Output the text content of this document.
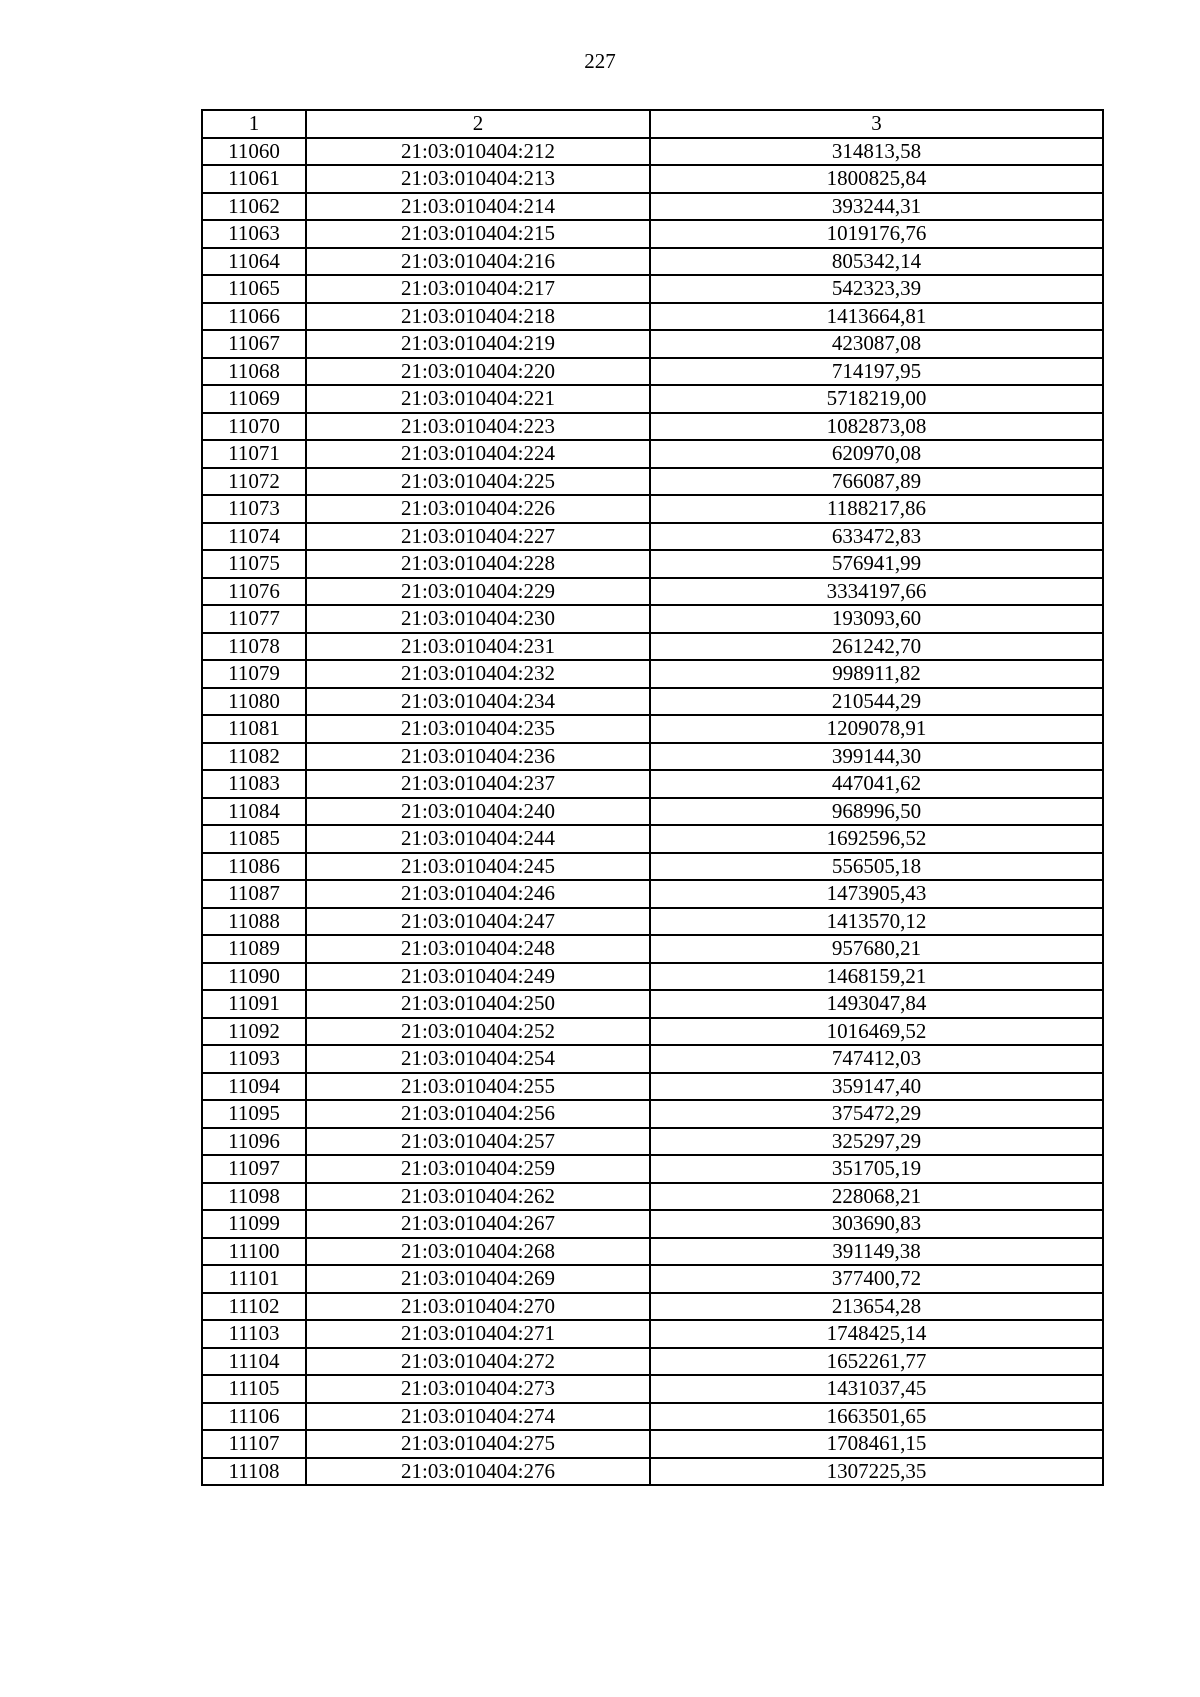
227
1	2	3
11060	21:03:010404:212	314813,58
11061	21:03:010404:213	1800825,84
11062	21:03:010404:214	393244,31
11063	21:03:010404:215	1019176,76
11064	21:03:010404:216	805342,14
11065	21:03:010404:217	542323,39
11066	21:03:010404:218	1413664,81
11067	21:03:010404:219	423087,08
11068	21:03:010404:220	714197,95
11069	21:03:010404:221	5718219,00
11070	21:03:010404:223	1082873,08
11071	21:03:010404:224	620970,08
11072	21:03:010404:225	766087,89
11073	21:03:010404:226	1188217,86
11074	21:03:010404:227	633472,83
11075	21:03:010404:228	576941,99
11076	21:03:010404:229	3334197,66
11077	21:03:010404:230	193093,60
11078	21:03:010404:231	261242,70
11079	21:03:010404:232	998911,82
11080	21:03:010404:234	210544,29
11081	21:03:010404:235	1209078,91
11082	21:03:010404:236	399144,30
11083	21:03:010404:237	447041,62
11084	21:03:010404:240	968996,50
11085	21:03:010404:244	1692596,52
11086	21:03:010404:245	556505,18
11087	21:03:010404:246	1473905,43
11088	21:03:010404:247	1413570,12
11089	21:03:010404:248	957680,21
11090	21:03:010404:249	1468159,21
11091	21:03:010404:250	1493047,84
11092	21:03:010404:252	1016469,52
11093	21:03:010404:254	747412,03
11094	21:03:010404:255	359147,40
11095	21:03:010404:256	375472,29
11096	21:03:010404:257	325297,29
11097	21:03:010404:259	351705,19
11098	21:03:010404:262	228068,21
11099	21:03:010404:267	303690,83
11100	21:03:010404:268	391149,38
11101	21:03:010404:269	377400,72
11102	21:03:010404:270	213654,28
11103	21:03:010404:271	1748425,14
11104	21:03:010404:272	1652261,77
11105	21:03:010404:273	1431037,45
11106	21:03:010404:274	1663501,65
11107	21:03:010404:275	1708461,15
11108	21:03:010404:276	1307225,35
